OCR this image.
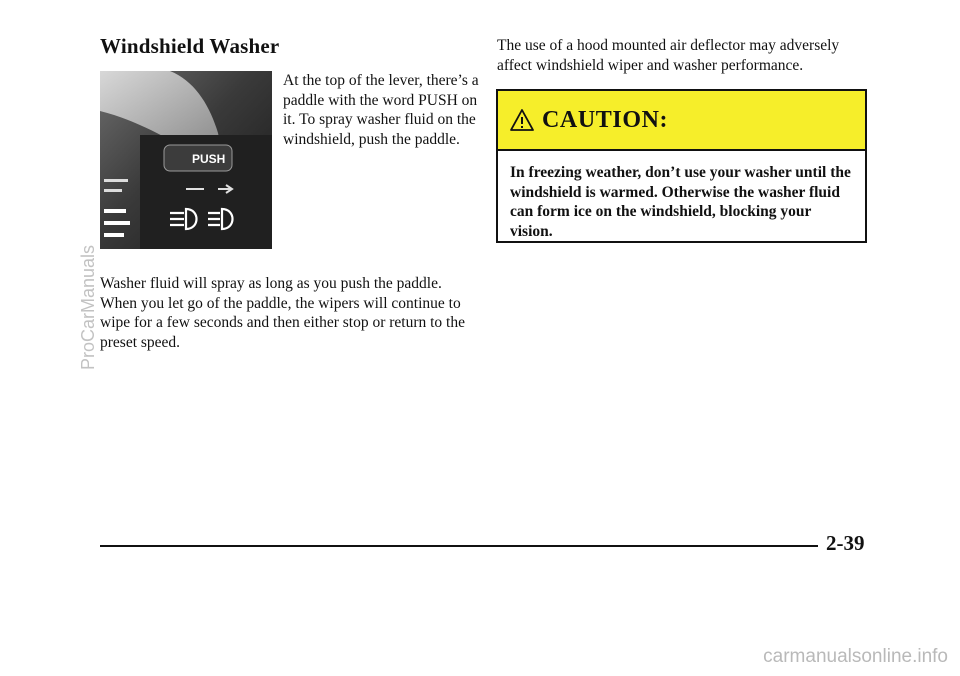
Windshield Washer
PUSH

At the top of the lever, there’s a paddle with the word PUSH on it. To spray washer fluid on the windshield, push the paddle.

Washer fluid will spray as long as you push the paddle. When you let go of the paddle, the wipers will continue to wipe for a few seconds and then either stop or return to the preset speed.

The use of a hood mounted air deflector may adversely affect windshield wiper and washer performance.

CAUTION:

In freezing weather, don’t use your washer until the windshield is warmed. Otherwise the washer fluid can form ice on the windshield, blocking your vision.

2-39

ProCarManuals
carmanualsonline.info
